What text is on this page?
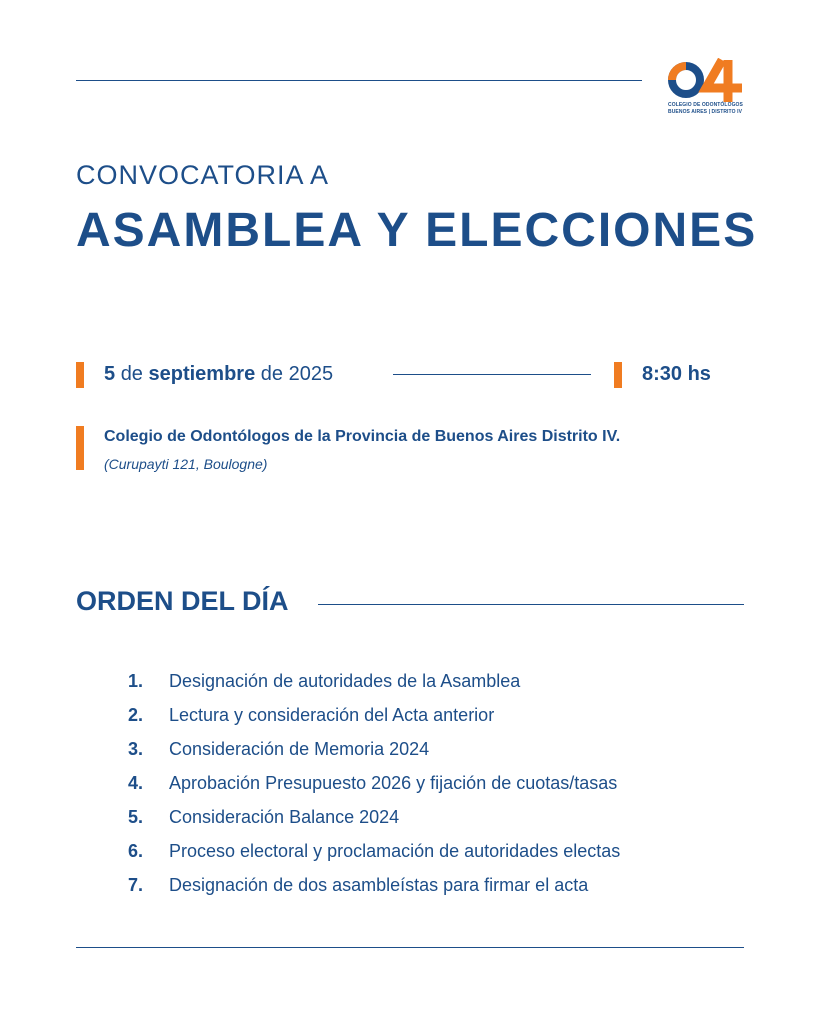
COLEGIO DE ODONTÓLOGOS
BUENOS AIRES | DISTRITO IV
CONVOCATORIA A
ASAMBLEA Y ELECCIONES
5 de septiembre de 2025	8:30 hs
Colegio de Odontólogos de la Provincia de Buenos Aires Distrito IV.
(Curupayti 121, Boulogne)
ORDEN DEL DÍA
1.	Designación de autoridades de la Asamblea
2.	Lectura y consideración del Acta anterior
3.	Consideración de Memoria 2024
4.	Aprobación Presupuesto 2026 y fijación de cuotas/tasas
5.	Consideración Balance 2024
6.	Proceso electoral y proclamación de autoridades electas
7.	Designación de dos asambleístas para firmar el acta
